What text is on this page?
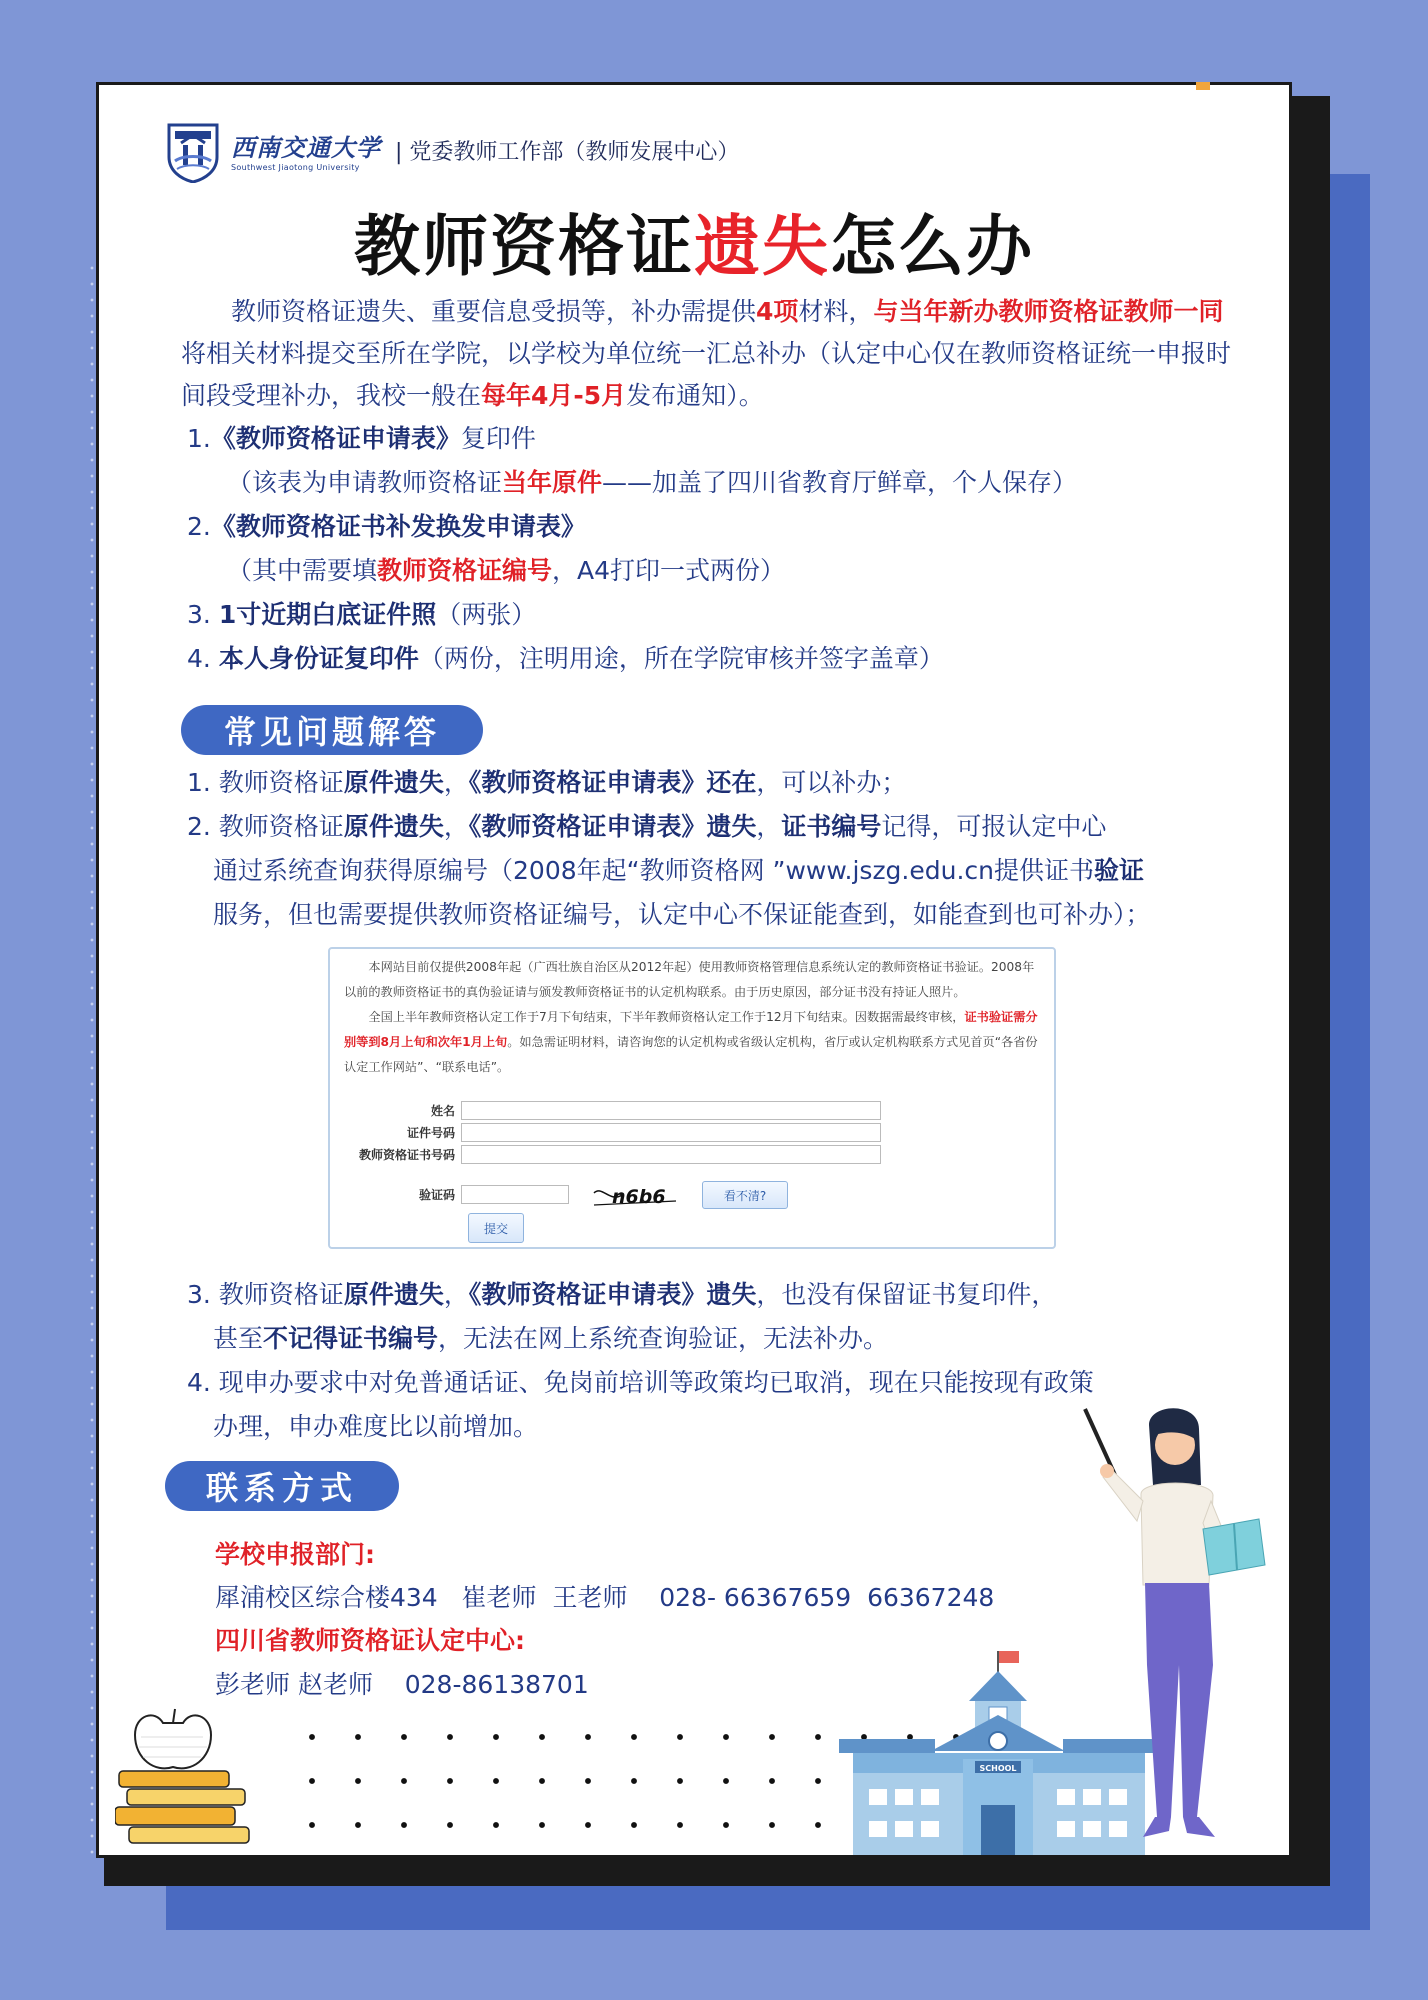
西南交通大学
Southwest Jiaotong University
| 党委教师工作部（教师发展中心）
教师资格证遗失怎么办
教师资格证遗失、重要信息受损等，补办需提供4项材料，与当年新办教师资格证教师一同将相关材料提交至所在学院，以学校为单位统一汇总补办（认定中心仅在教师资格证统一申报时间段受理补办，我校一般在每年4月-5月发布通知）。
1.《教师资格证申请表》复印件
（该表为申请教师资格证当年原件——加盖了四川省教育厅鲜章，个人保存）
2.《教师资格证书补发换发申请表》
（其中需要填教师资格证编号，A4打印一式两份）
3. 1寸近期白底证件照（两张）
4. 本人身份证复印件（两份，注明用途，所在学院审核并签字盖章）
常见问题解答
1. 教师资格证原件遗失，《教师资格证申请表》还在，可以补办；
2. 教师资格证原件遗失，《教师资格证申请表》遗失，证书编号记得，可报认定中心
通过系统查询获得原编号（2008年起“教师资格网 ”www.jszg.edu.cn提供证书验证
服务，但也需要提供教师资格证编号，认定中心不保证能查到，如能查到也可补办）；

本网站目前仅提供2008年起（广西壮族自治区从2012年起）使用教师资格管理信息系统认定的教师资格证书验证。2008年以前的教师资格证书的真伪验证请与颁发教师资格证书的认定机构联系。由于历史原因，部分证书没有持证人照片。

全国上半年教师资格认定工作于7月下旬结束，下半年教师资格认定工作于12月下旬结束。因数据需最终审核，证书验证需分别等到8月上旬和次年1月上旬。如急需证明材料，请咨询您的认定机构或省级认定机构，省厅或认定机构联系方式见首页“各省份认定工作网站”、“联系电话”。

姓名
证件号码
教师资格证书号码
验证码	n6b6	看不清?
提交
3. 教师资格证原件遗失，《教师资格证申请表》遗失，也没有保留证书复印件，
甚至不记得证书编号，无法在网上系统查询验证，无法补办。
4. 现申办要求中对免普通话证、免岗前培训等政策均已取消，现在只能按现有政策
办理，申办难度比以前增加。
联系方式
学校申报部门:
犀浦校区综合楼434   崔老师  王老师    028- 66367659  66367248
四川省教师资格证认定中心:
彭老师 赵老师    028-86138701
SCHOOL
